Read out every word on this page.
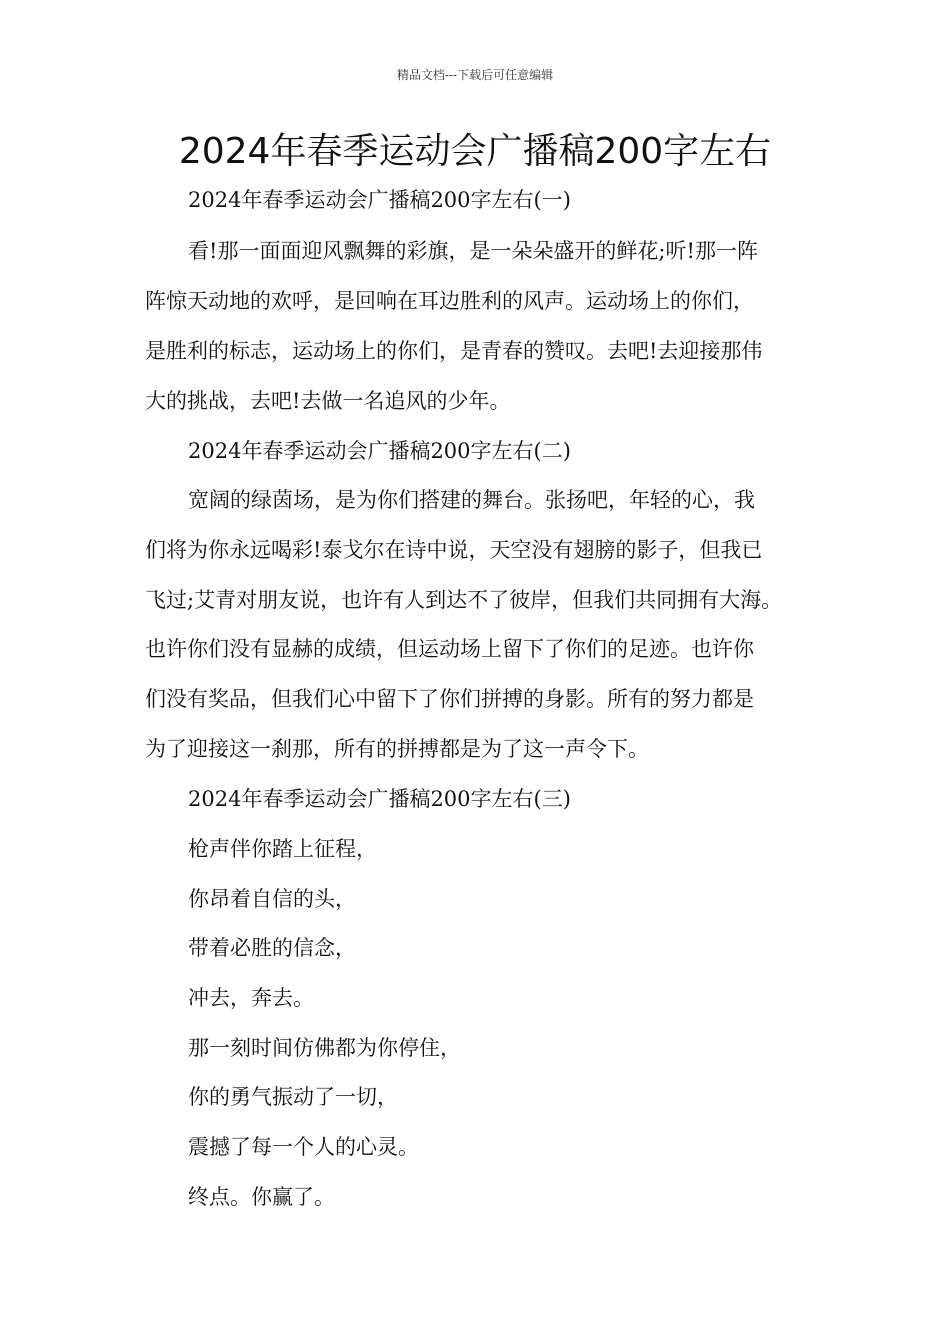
精品文档---下载后可任意编辑
2024年春季运动会广播稿200字左右
2024年春季运动会广播稿200字左右(一)
看!那一面面迎风飘舞的彩旗，是一朵朵盛开的鲜花;听!那一阵
阵惊天动地的欢呼，是回响在耳边胜利的风声。运动场上的你们，
是胜利的标志，运动场上的你们，是青春的赞叹。去吧!去迎接那伟
大的挑战，去吧!去做一名追风的少年。
2024年春季运动会广播稿200字左右(二)
宽阔的绿茵场，是为你们搭建的舞台。张扬吧，年轻的心，我
们将为你永远喝彩!泰戈尔在诗中说，天空没有翅膀的影子，但我已
飞过;艾青对朋友说，也许有人到达不了彼岸，但我们共同拥有大海。
也许你们没有显赫的成绩，但运动场上留下了你们的足迹。也许你
们没有奖品，但我们心中留下了你们拼搏的身影。所有的努力都是
为了迎接这一刹那，所有的拼搏都是为了这一声令下。
2024年春季运动会广播稿200字左右(三)
枪声伴你踏上征程，
你昂着自信的头，
带着必胜的信念，
冲去，奔去。
那一刻时间仿佛都为你停住，
你的勇气振动了一切，
震撼了每一个人的心灵。
终点。你赢了。
